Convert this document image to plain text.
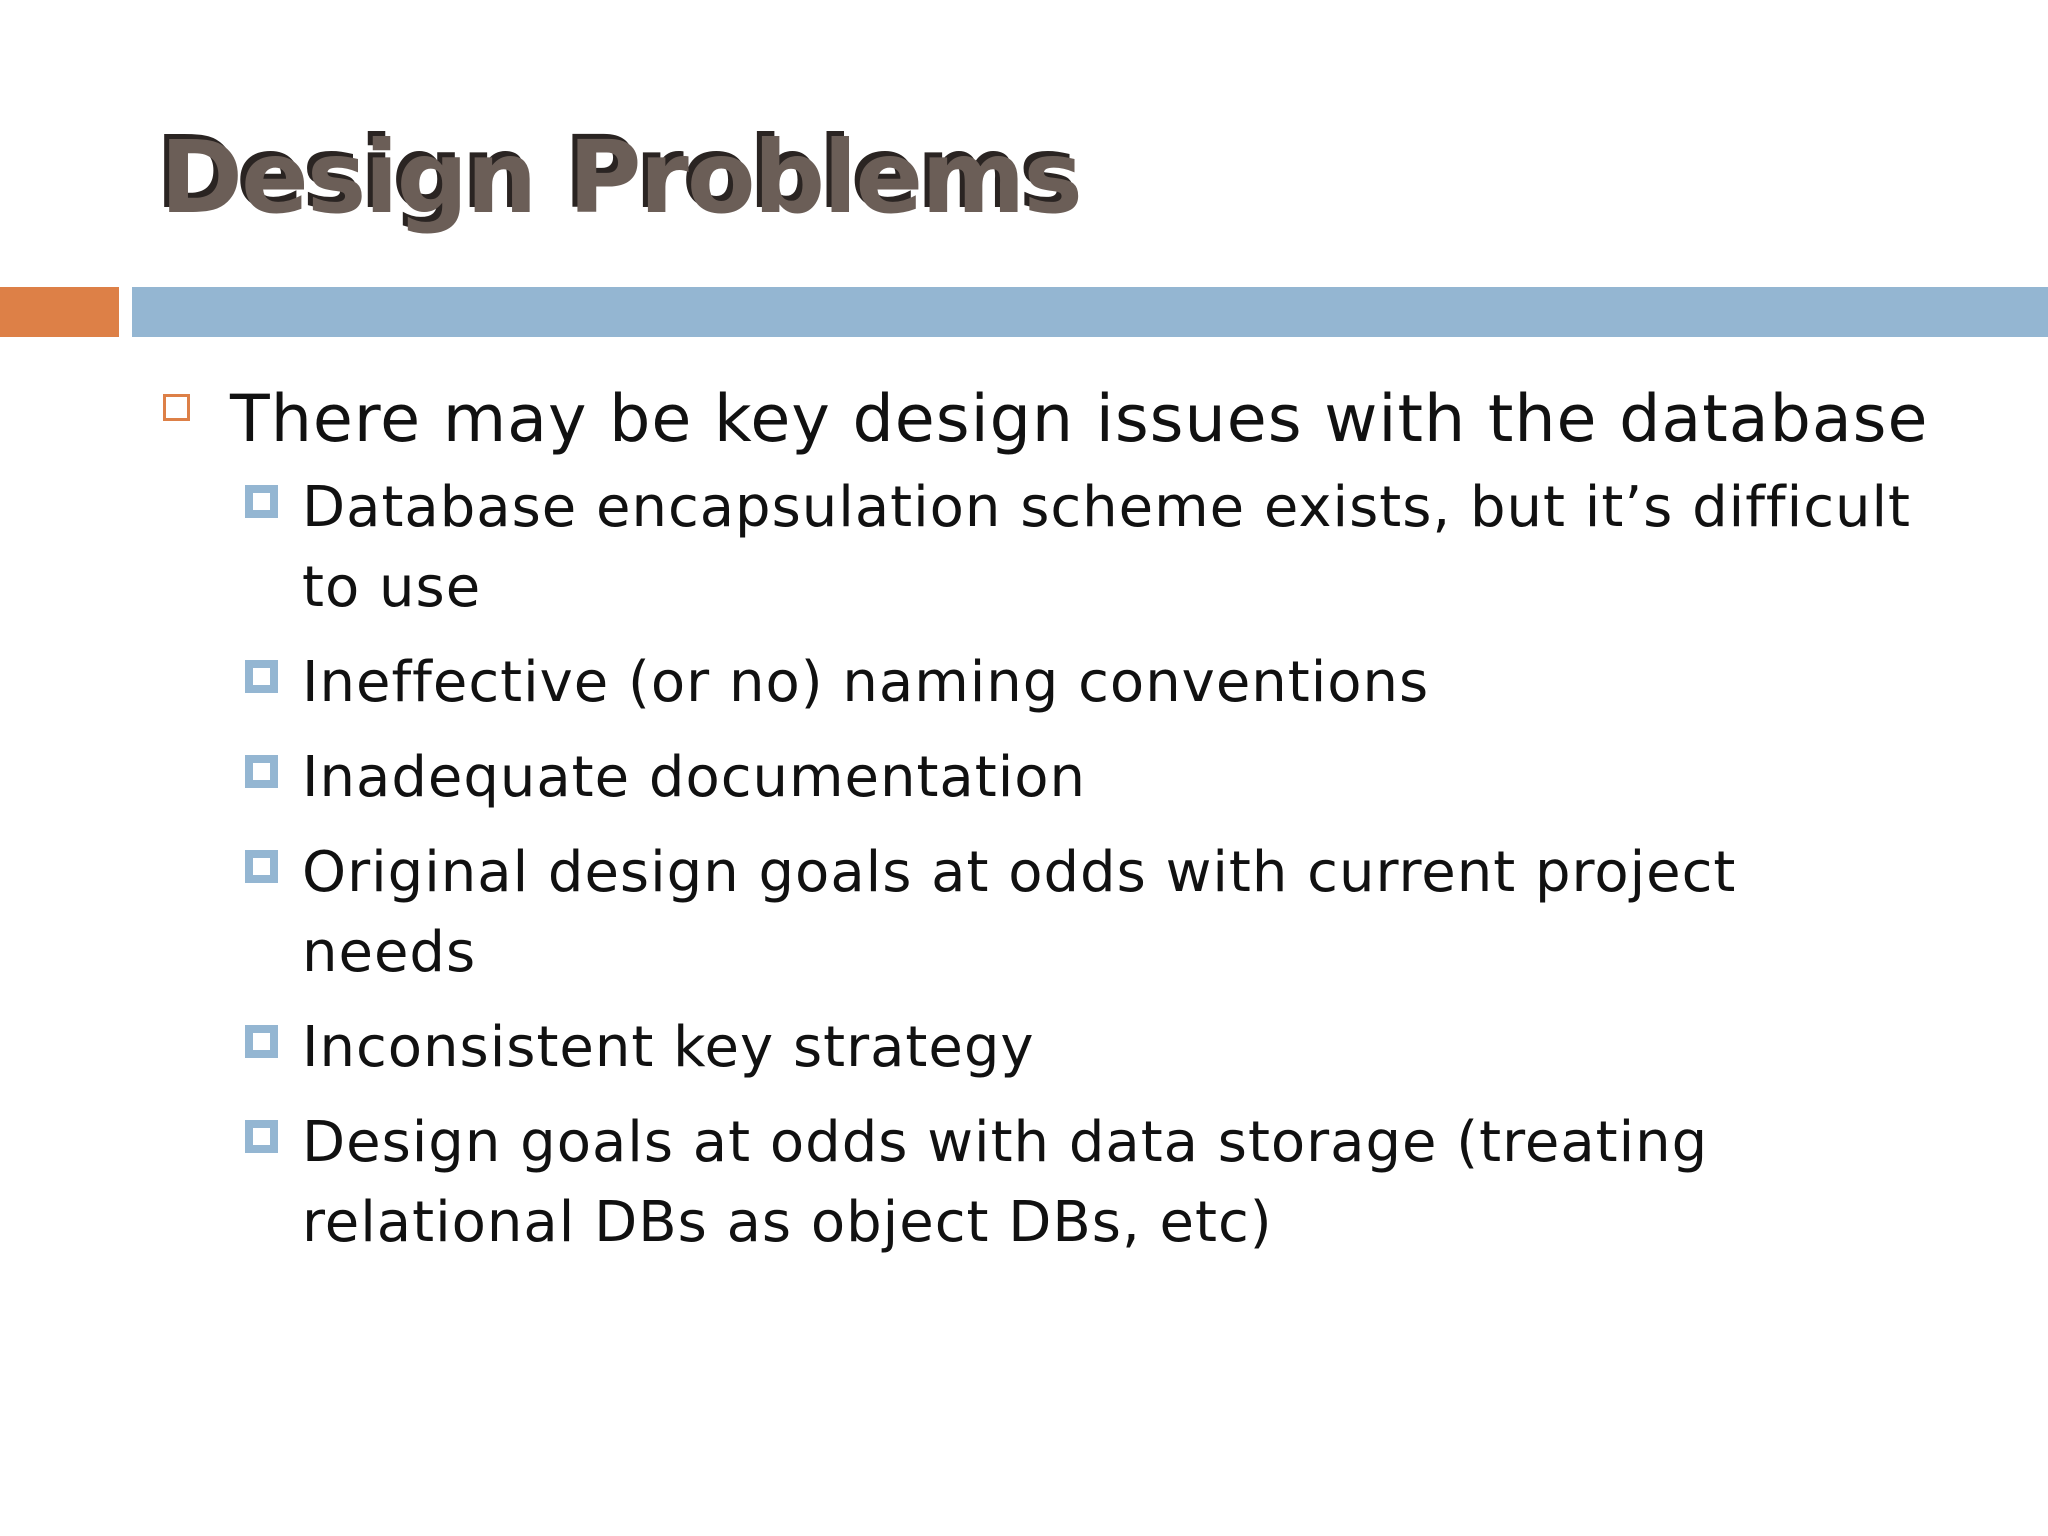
Design Problems
There may be key design issues with the database
Database encapsulation scheme exists, but it’s difficult to use
Ineffective (or no) naming conventions
Inadequate documentation
Original design goals at odds with current project needs
Inconsistent key strategy
Design goals at odds with data storage (treating relational DBs as object DBs, etc)
